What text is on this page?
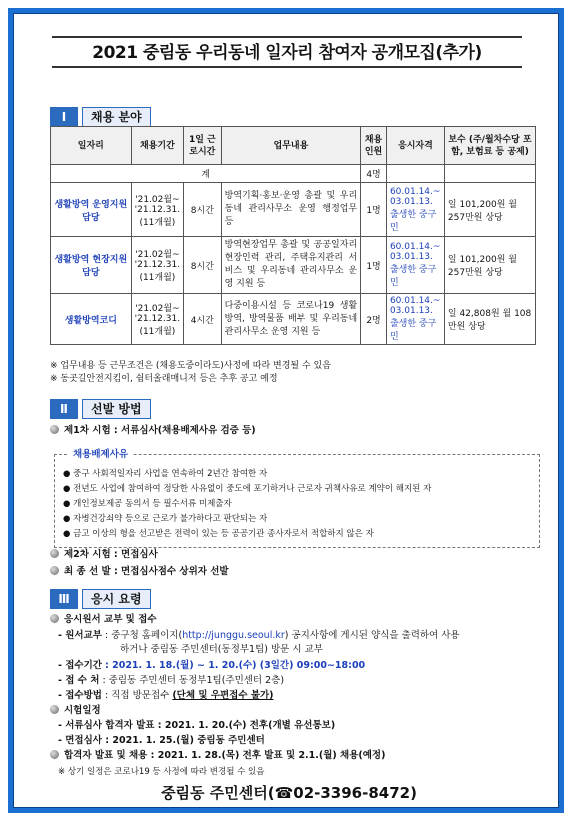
2021 중림동 우리동네 일자리 참여자 공개모집(추가)
Ⅰ	채용 분야
일자리	채용기간	1일 근로시간	업무내용	채용 인원	응시자격	보수 (주/월차수당 포함, 보험료 등 공제)
계				4명		
생활방역 운영지원담당	'21.02월~ '21.12.31. (11개월)	8시간	방역기획·홍보·운영 총괄 및 우리동네 관리사무소 운영 행정업무 등	1명	60.01.14.~ 03.01.13.출생한 중구민	일 101,200원 월 257만원 상당
생활방역 현장지원담당	'21.02월~ '21.12.31. (11개월)	8시간	방역현장업무 총괄 및 공공일자리 현장인력 관리, 주택유지관리 서비스 및 우리동네 관리사무소 운영 지원 등	1명	60.01.14.~ 03.01.13.출생한 중구민	일 101,200원 월 257만원 상당
생활방역코디	'21.02월~ '21.12.31. (11개월)	4시간	다중이용시설 등 코로나19 생활방역, 방역물품 배부 및 우리동네 관리사무소 운영 지원 등	2명	60.01.14.~ 03.01.13.출생한 중구민	일 42,808원 월 108만원 상당
※ 업무내용 등 근무조건은 (채용도중이라도)사정에 따라 변경될 수 있음
※ 동곳길안전지킴이, 쉼터올래매니저 등은 추후 공고 예정
Ⅱ	선발 방법
제1차 시험 : 서류심사(채용배제사유 검증 등)
채용배제사유
● 중구 사회적일자리 사업을 연속하여 2년간 참여한 자
● 전년도 사업에 참여하여 정당한 사유없이 중도에 포기하거나 근로자 귀책사유로 계약이 해지된 자
● 개인정보제공 동의서 등 필수서류 미제출자
● 자병건강쇠약 등으로 근로가 불가하다고 판단되는 자
● 금고 이상의 형을 선고받은 전력이 있는 등 공공기관 종사자로서 적합하지 않은 자
제2차 시험 : 면접심사
최 종 선 발 : 면접심사점수 상위자 선발
Ⅲ	응시 요령
응시원서 교부 및 접수
- 원서교부 : 중구청 홈페이지(http://junggu.seoul.kr) 공지사항에 게시된 양식을 출력하여 사용
하거나 중림동 주민센터(동정부1팀) 방문 시 교부
- 접수기간 : 2021. 1. 18.(월) ~ 1. 20.(수) (3일간) 09:00~18:00
- 접 수 처 : 중림동 주민센터 동정부1팀(주민센터 2층)
- 접수방법 : 직접 방문접수 (단체 및 우편접수 불가)
시험일정
- 서류심사 합격자 발표 : 2021. 1. 20.(수) 전후(개별 유선통보)
- 면접심사 : 2021. 1. 25.(월) 중림동 주민센터
합격자 발표 및 채용 : 2021. 1. 28.(목) 전후 발표 및 2.1.(월) 채용(예정)
※ 상기 일정은 코로나19 등 사정에 따라 변경될 수 있음
중림동 주민센터(☎02-3396-8472)
